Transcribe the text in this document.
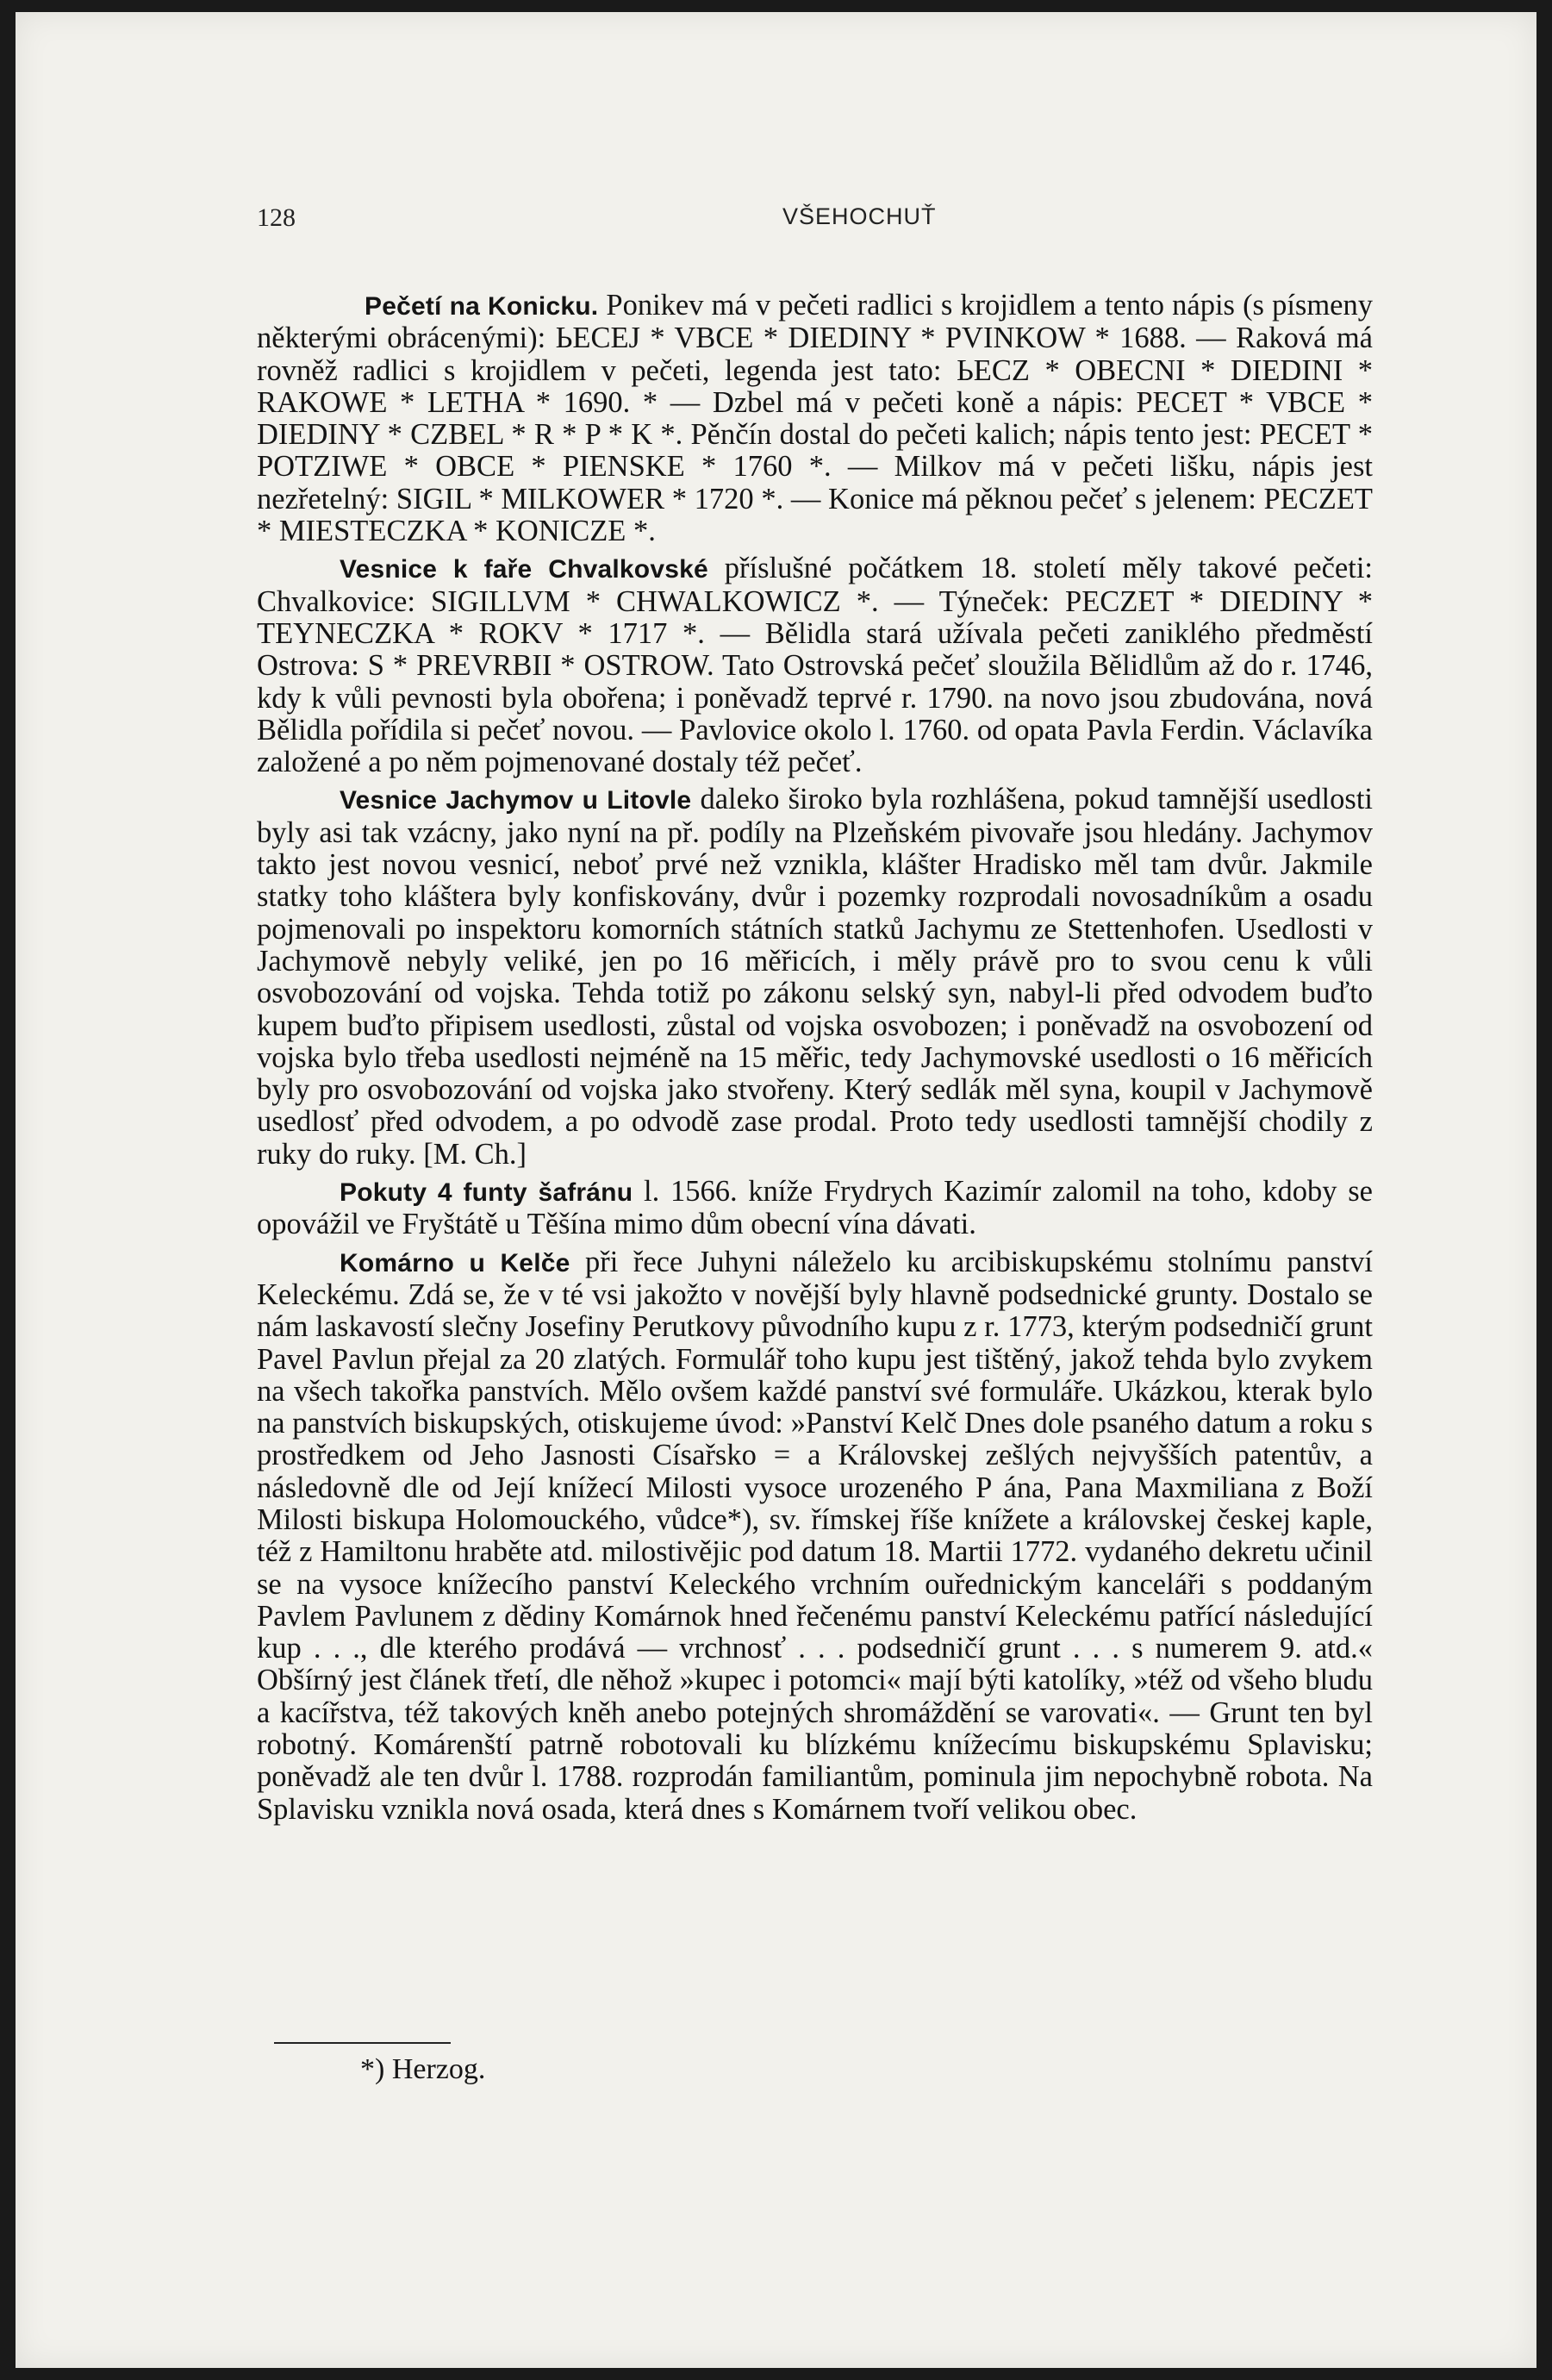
128	VŠEHOCHUŤ

Pečetí na Konicku. Ponikev má v pečeti radlici s krojidlem a tento nápis (s písmeny některými obrácenými): ЬECEJ * VBCE * DIEDINY * PVINKOW * 1688. — Raková má rovněž radlici s krojidlem v pečeti, legenda jest tato: ЬECZ * OBECNI * DIEDINI * RAKOWE * LETHA * 1690. * — Dzbel má v pečeti koně a nápis: PECET * VBCE * DIEDINY * CZBEL * R * P * K *. Pěnčín dostal do pečeti kalich; nápis tento jest: PECET * POTZIWE * OBCE * PIENSKE * 1760 *. — Milkov má v pečeti lišku, nápis jest nezřetelný: SIGIL * MILKOWER * 1720 *. — Konice má pěknou pečeť s jelenem: PECZET * MIESTECZKA * KONICZE *.

Vesnice k faře Chvalkovské příslušné počátkem 18. století měly takové pečeti: Chvalkovice: SIGILLVM * CHWALKOWICZ *. — Týneček: PECZET * DIEDINY * TEYNECZKA * ROKV * 1717 *. — Bělidla stará užívala pečeti zaniklého předměstí Ostrova: S * PREVRBII * OSTROW. Tato Ostrovská pečeť sloužila Bělidlům až do r. 1746, kdy k vůli pevnosti byla obořena; i poněvadž teprvé r. 1790. na novo jsou zbudována, nová Bělidla pořídila si pečeť novou. — Pavlovice okolo l. 1760. od opata Pavla Ferdin. Václavíka založené a po něm pojmenované dostaly též pečeť.

Vesnice Jachymov u Litovle daleko široko byla rozhlášena, pokud tamnější usedlosti byly asi tak vzácny, jako nyní na př. podíly na Plzeňském pivovaře jsou hledány. Jachymov takto jest novou vesnicí, neboť prvé než vznikla, klášter Hradisko měl tam dvůr. Jakmile statky toho kláštera byly konfiskovány, dvůr i pozemky rozprodali novosadníkům a osadu pojmenovali po inspektoru komorních státních statků Jachymu ze Stettenhofen. Usedlosti v Jachymově nebyly veliké, jen po 16 měřicích, i měly právě pro to svou cenu k vůli osvobozování od vojska. Tehda totiž po zákonu selský syn, nabyl-li před odvodem buďto kupem buďto připisem usedlosti, zůstal od vojska osvobozen; i poněvadž na osvobození od vojska bylo třeba usedlosti nejméně na 15 měřic, tedy Jachymovské usedlosti o 16 měřicích byly pro osvobozování od vojska jako stvořeny. Který sedlák měl syna, koupil v Jachymově usedlosť před odvodem, a po odvodě zase prodal. Proto tedy usedlosti tamnější chodily z ruky do ruky. [M. Ch.]

Pokuty 4 funty šafránu l. 1566. kníže Frydrych Kazimír zalomil na toho, kdoby se opovážil ve Fryštátě u Těšína mimo dům obecní vína dávati.

Komárno u Kelče při řece Juhyni náleželo ku arcibiskupskému stolnímu panství Keleckému. Zdá se, že v té vsi jakožto v novější byly hlavně podsednické grunty. Dostalo se nám laskavostí slečny Josefiny Perutkovy původního kupu z r. 1773, kterým podsedničí grunt Pavel Pavlun přejal za 20 zlatých. Formulář toho kupu jest tištěný, jakož tehda bylo zvykem na všech takořka panstvích. Mělo ovšem každé panství své formuláře. Ukázkou, kterak bylo na panstvích biskupských, otiskujeme úvod: »Panství Kelč Dnes dole psaného datum a roku s prostředkem od Jeho Jasnosti Císařsko = a Královskej zešlých nejvyšších patentův, a následovně dle od Její knížecí Milosti vysoce urozeného P ána, Pana Maxmiliana z Boží Milosti biskupa Holomouckého, vůdce*), sv. římskej říše knížete a královskej českej kaple, též z Hamiltonu hraběte atd. milostivějic pod datum 18. Martii 1772. vydaného dekretu učinil se na vysoce knížecího panství Keleckého vrchním ouřednickým kanceláři s poddaným Pavlem Pavlunem z dědiny Komárnok hned řečenému panství Keleckému patřící následující kup . . ., dle kterého prodává — vrchnosť . . . podsedničí grunt . . . s numerem 9. atd.« Obšírný jest článek třetí, dle něhož »kupec i potomci« mají býti katolíky, »též od všeho bludu a kacířstva, též takových kněh anebo potejných shromáždění se varovati«. — Grunt ten byl robotný. Komárenští patrně robotovali ku blízkému knížecímu biskupskému Splavisku; poněvadž ale ten dvůr l. 1788. rozprodán familiantům, pominula jim nepochybně robota. Na Splavisku vznikla nová osada, která dnes s Komárnem tvoří velikou obec.

*) Herzog.
